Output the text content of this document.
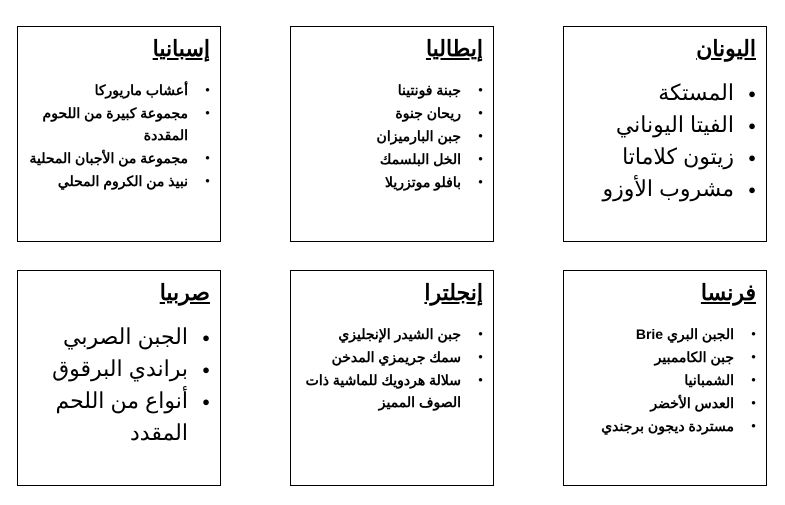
اليونان
● المستكة
● الفيتا اليوناني
● زيتون كلاماتا
● مشروب الأوزو
إيطاليا
● جبنة فونتينا
● ريحان جنوة
● جبن البارميزان
● الخل البلسمك
● بافلو موتزريلا
إسبانيا
● أعشاب ماريوركا
● مجموعة كبيرة من اللحوم المقددة
● مجموعة من الأجبان المحلية
● نبيذ من الكروم المحلي
فرنسا
● الجبن البري Brie
● جبن الكاممبير
● الشمبانيا
● العدس الأخضر
● مستردة ديجون برجندي
إنجلترا
● جبن الشيدر الإنجليزي
● سمك جريمزي المدخن
● سلالة هردويك للماشية ذات الصوف المميز
صربيا
● الجبن الصربي
● براندي البرقوق
● أنواع من اللحم المقدد
